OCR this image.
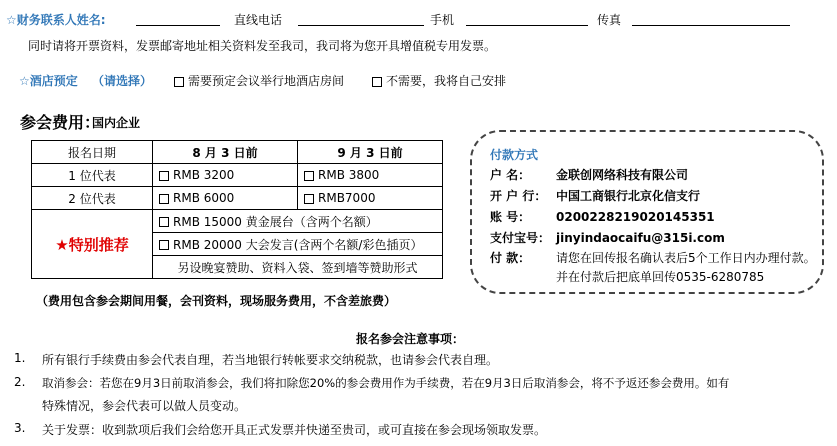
☆财务联系人姓名:	直线电话	手机	传真
同时请将开票资料，发票邮寄地址相关资料发至我司，我司将为您开具增值税专用发票。
☆酒店预定 （请选择）	需要预定会议举行地酒店房间	不需要，我将自己安排
参会费用：
国内企业
报名日期	8 月 3 日前	9 月 3 日前
1 位代表	RMB 3200	RMB 3800
2 位代表	RMB 6000	RMB7000
★特别推荐	RMB 15000 黄金展台（含两个名额）	
	RMB 20000 大会发言(含两个名额/彩色插页）	
	另设晚宴赞助、资料入袋、签到墙等赞助形式	
（费用包含参会期间用餐，会刊资料，现场服务费用，不含差旅费）
付款方式
户 名： 金联创网络科技有限公司
开 户 行： 中国工商银行北京化信支行
账 号： 0200228219020145351
支付宝号： jinyindaocaifu@315i.com
付 款： 请您在回传报名确认表后5个工作日内办理付款。
并在付款后把底单回传0535-6280785
报名参会注意事项：
1. 所有银行手续费由参会代表自理，若当地银行转帐要求交纳税款，也请参会代表自理。
2. 取消参会：若您在9月3日前取消参会，我们将扣除您20%的参会费用作为手续费，若在9月3日后取消参会，将不予返还参会费用。如有
特殊情况，参会代表可以做人员变动。
3. 关于发票：收到款项后我们会给您开具正式发票并快递至贵司，或可直接在参会现场领取发票。
